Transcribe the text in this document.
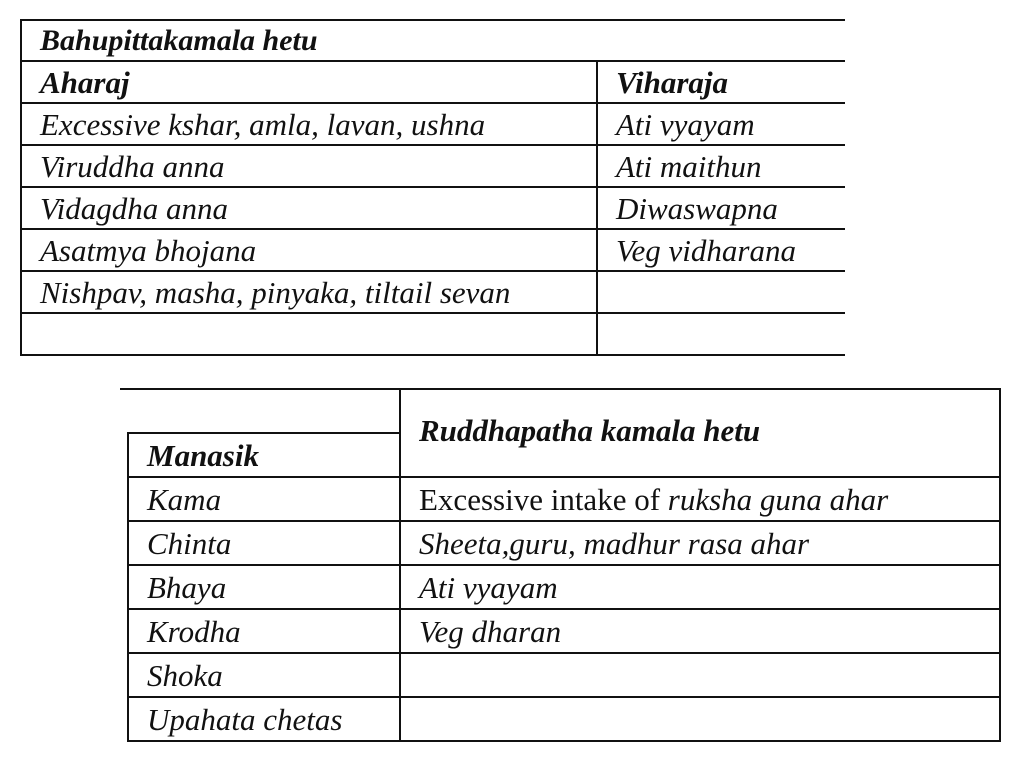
Bahupittakamala hetu	
Aharaj	Viharaja
Excessive kshar, amla, lavan, ushna	Ati vyayam
Viruddha anna	Ati maithun
Vidagdha anna	Diwaswapna
Asatmya bhojana	Veg vidharana
Nishpav, masha, pinyaka, tiltail sevan	

		Ruddhapatha kamala hetu
	Manasik	
	Kama	Excessive intake of ruksha guna ahar
	Chinta	Sheeta,guru, madhur rasa ahar
	Bhaya	Ati vyayam
	Krodha	Veg dharan
	Shoka	
	Upahata chetas	
